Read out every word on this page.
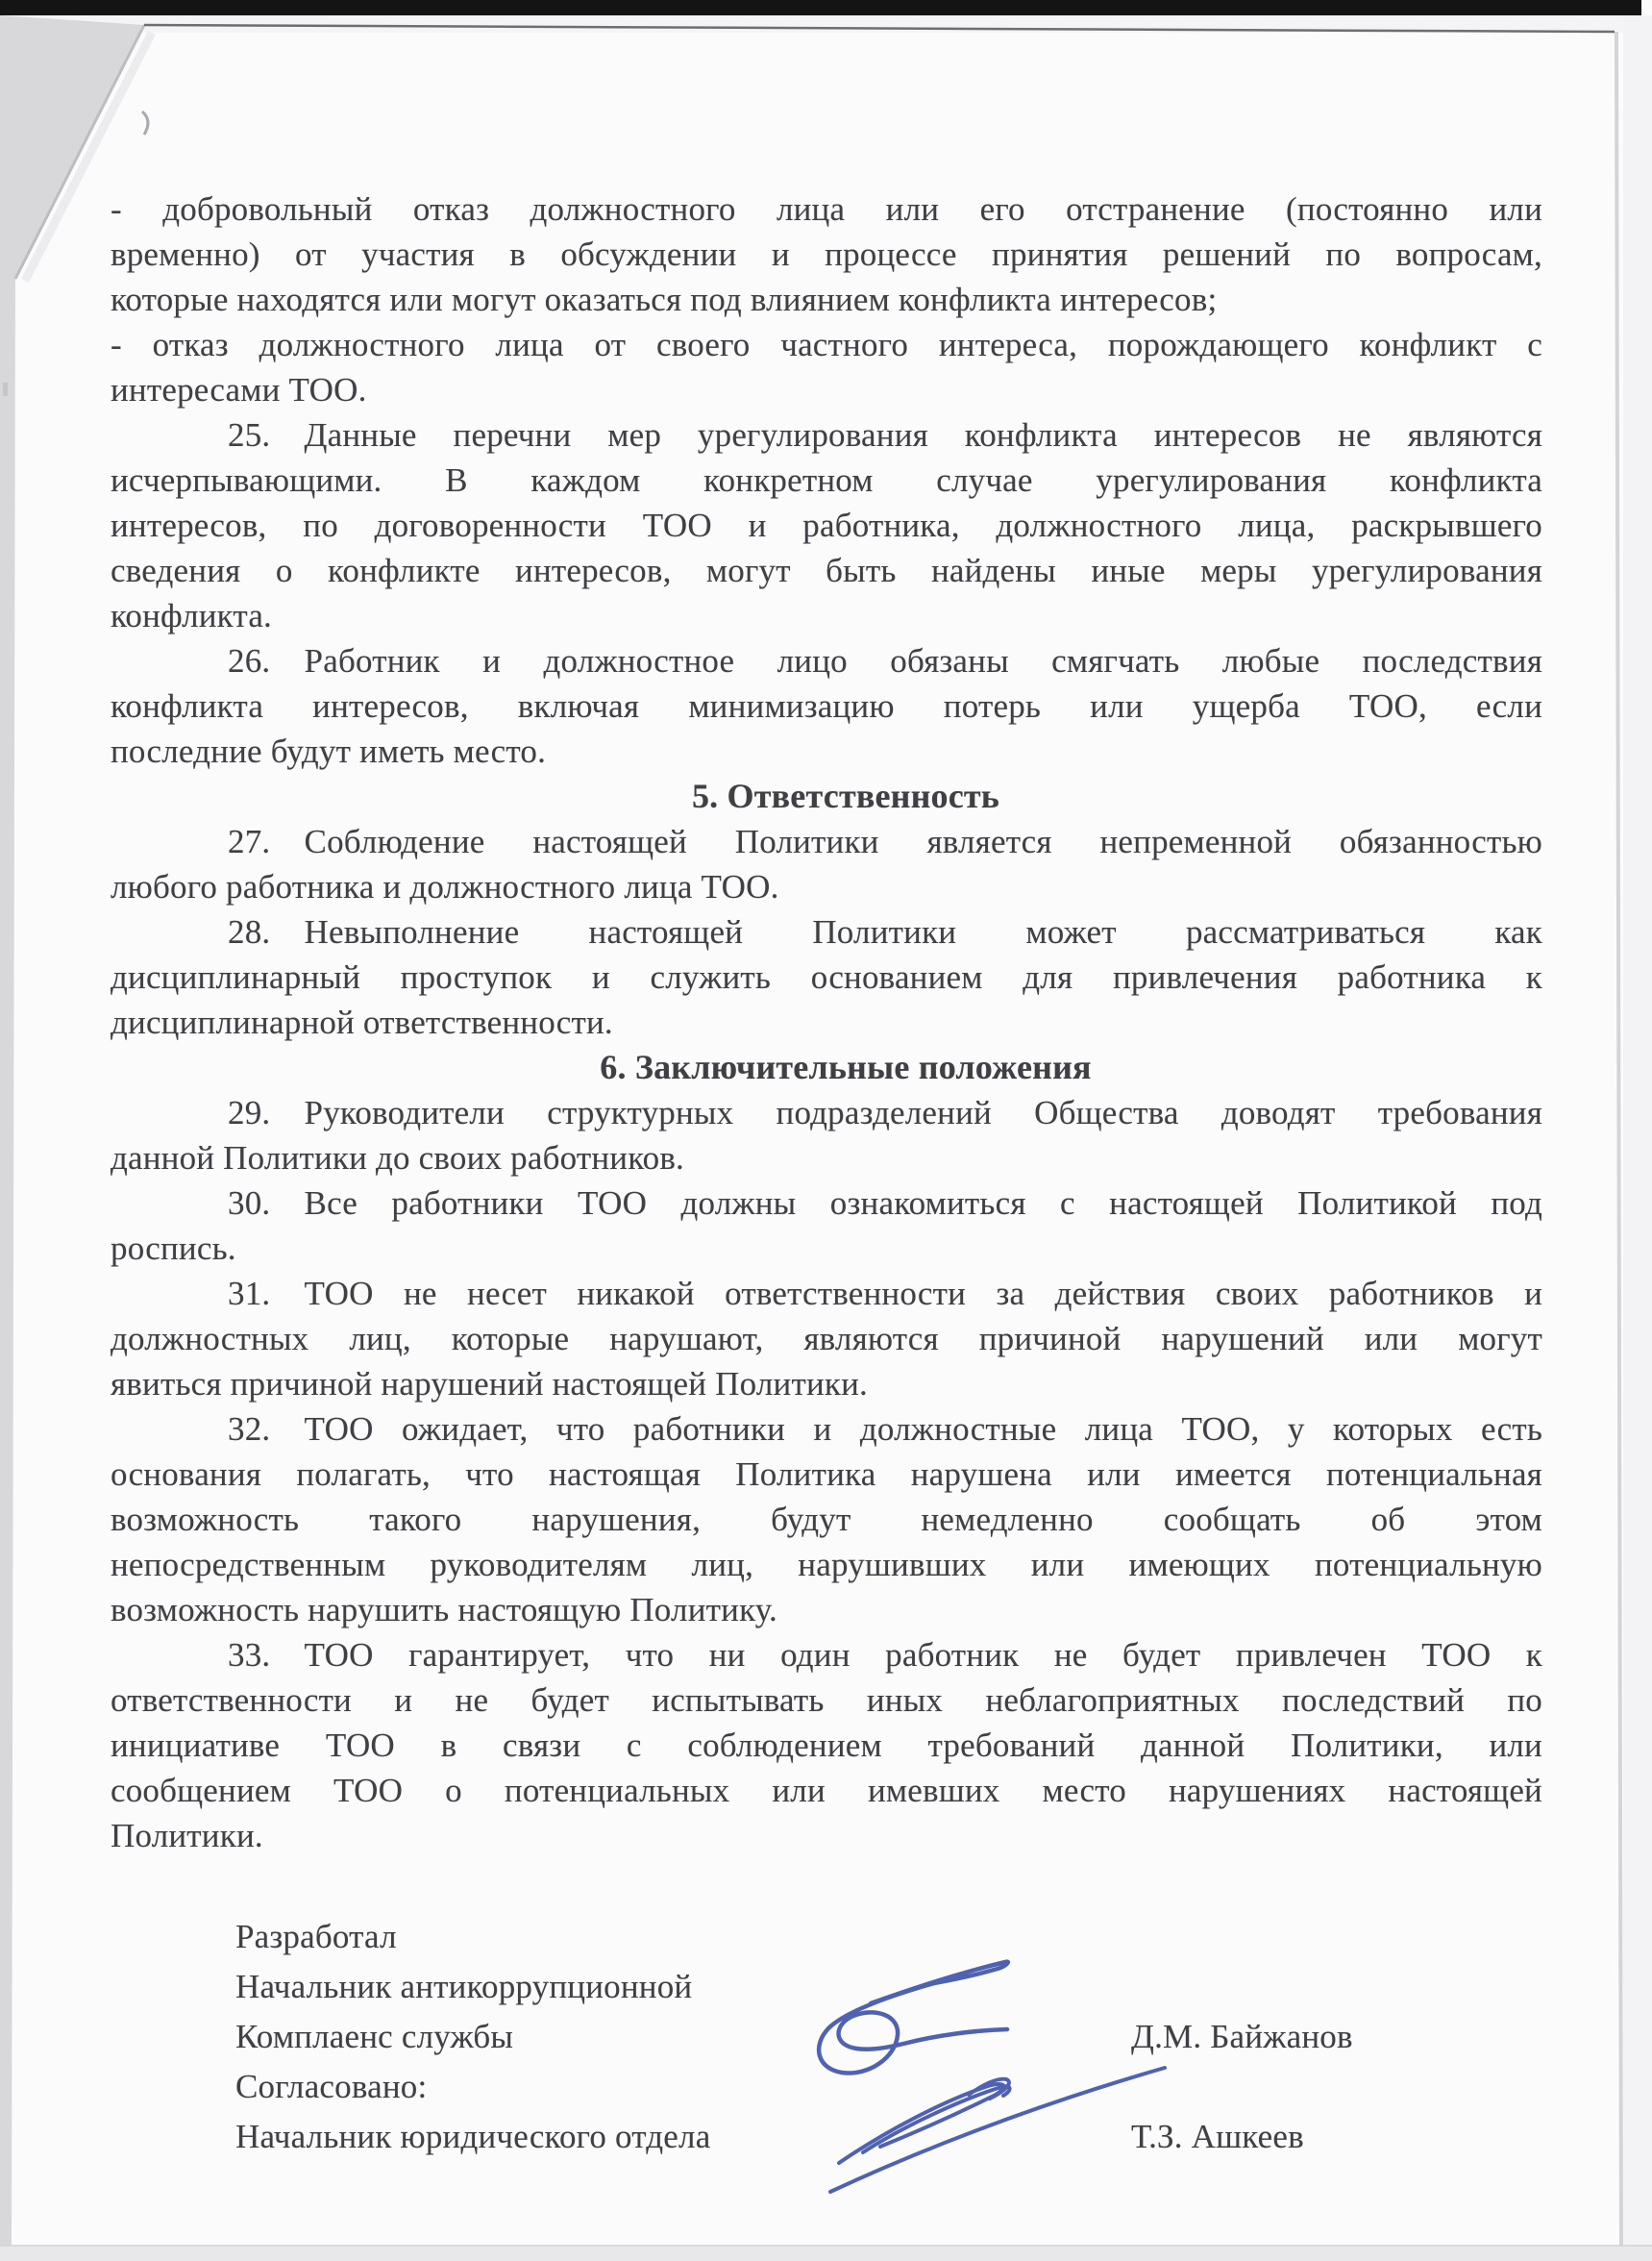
- добровольный отказ должностного лица или его отстранение (постоянно или
временно) от участия в обсуждении и процессе принятия решений по вопросам,
которые находятся или могут оказаться под влиянием конфликта интересов;
- отказ должностного лица от своего частного интереса, порождающего конфликт с
интересами ТОО.
25. Данные перечни мер урегулирования конфликта интересов не являются
исчерпывающими. В каждом конкретном случае урегулирования конфликта
интересов, по договоренности ТОО и работника, должностного лица, раскрывшего
сведения о конфликте интересов, могут быть найдены иные меры урегулирования
конфликта.
26. Работник и должностное лицо обязаны смягчать любые последствия
конфликта интересов, включая минимизацию потерь или ущерба ТОО, если
последние будут иметь место.
5. Ответственность
27. Соблюдение настоящей Политики является непременной обязанностью
любого работника и должностного лица ТОО.
28. Невыполнение настоящей Политики может рассматриваться как
дисциплинарный проступок и служить основанием для привлечения работника к
дисциплинарной ответственности.
6. Заключительные положения
29. Руководители структурных подразделений Общества доводят требования
данной Политики до своих работников.
30. Все работники ТОО должны ознакомиться с настоящей Политикой под
роспись.
31. ТОО не несет никакой ответственности за действия своих работников и
должностных лиц, которые нарушают, являются причиной нарушений или могут
явиться причиной нарушений настоящей Политики.
32. ТОО ожидает, что работники и должностные лица ТОО, у которых есть
основания полагать, что настоящая Политика нарушена или имеется потенциальная
возможность такого нарушения, будут немедленно сообщать об этом
непосредственным руководителям лиц, нарушивших или имеющих потенциальную
возможность нарушить настоящую Политику.
33. ТОО гарантирует, что ни один работник не будет привлечен ТОО к
ответственности и не будет испытывать иных неблагоприятных последствий по
инициативе ТОО в связи с соблюдением требований данной Политики, или
сообщением ТОО о потенциальных или имевших место нарушениях настоящей
Политики.
Разработал
Начальник антикоррупционной
Комплаенс службы
Согласовано:
Начальник юридического отдела
Д.М. Байжанов
Т.З. Ашкеев
